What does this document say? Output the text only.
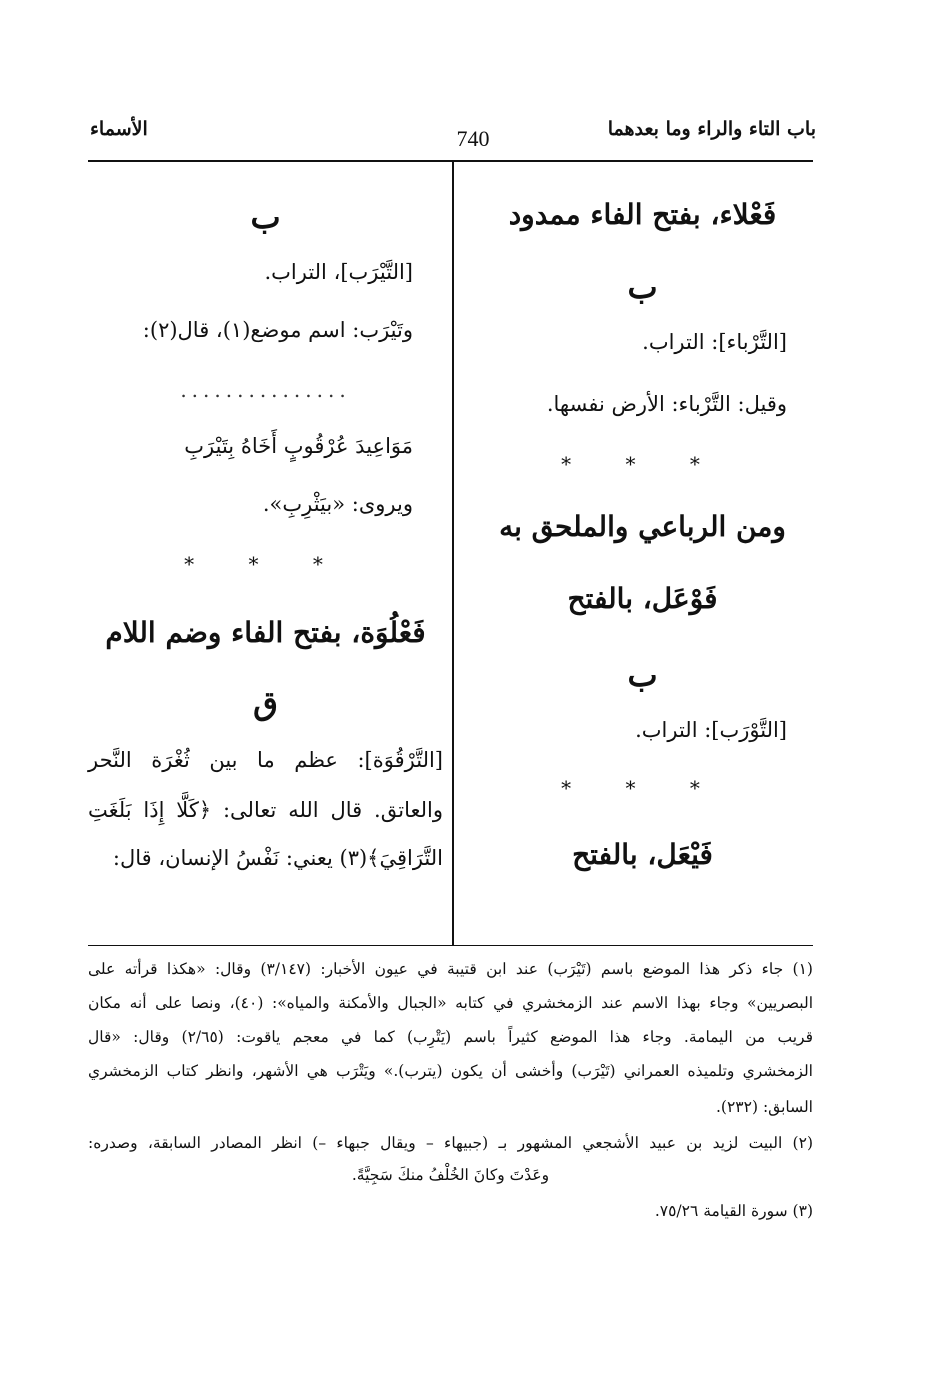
باب التاء والراء وما بعدهما
740
الأسماء
فَعْلاء، بفتح الفاء ممدود
ب
[التَّرْباء]: التراب.
وقيل: التَّرْباء: الأرض نفسها.
* * *
ومن الرباعي والملحق به
فَوْعَل، بالفتح
ب
[التَّوْرَب]: التراب.
* * *
فَيْعَل، بالفتح
ب
[التَّيْرَب]، التراب.
وتَيْرَب: اسم موضع(١)، قال(٢):
...............
مَوَاعِيدَ عُرْقُوبٍ أَخَاهُ بِتَيْرَبِ
ويروى: «بيَثْرِبِ».
* * *
فَعْلُوَة، بفتح الفاء وضم اللام
ق
[التَّرْقُوَة]: عظم ما بين ثُغْرَة النَّحر
والعاتق. قال الله تعالى: ﴿كَلَّا إِذَا بَلَغَتِ
التَّرَاقِيَ﴾(٣) يعني: نَفْسُ الإنسان، قال:
(١) جاء ذكر هذا الموضع باسم (تَيْرَب) عند ابن قتيبة في عيون الأخبار: (٣/١٤٧) وقال: «هكذا قرأته على
البصريين» وجاء بهذا الاسم عند الزمخشري في كتابه «الجبال والأمكنة والمياه»: (٤٠)، ونصا على أنه مكان
قريب من اليمامة. وجاء هذا الموضع كثيراً باسم (يَتْرِب) كما في معجم ياقوت: (٢/٦٥) وقال: «قال
الزمخشري وتلميذه العمراني (تَيْرَب) وأخشى أن يكون (يترب).» ويَتْرَب هي الأشهر، وانظر كتاب الزمخشري
السابق: (٢٣٢).
(٢) البيت لزيد بن عبيد الأشجعي المشهور بـ (جبيهاء – ويقال جبهاء –) انظر المصادر السابقة، وصدره:
وعَدْتَ وكانَ الخُلْفُ منكَ سَجِيَّةً.
(٣) سورة القيامة ٧٥/٢٦.
